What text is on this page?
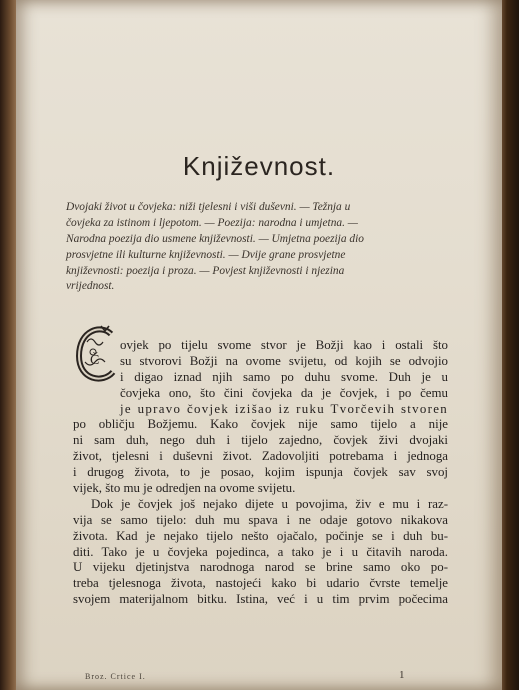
Književnost.
Dvojaki život u čovjeka: niži tjelesni i viši duševni. — Težnja u
čovjeka za istinom i ljepotom. — Poezija: narodna i umjetna. —
Narodna poezija dio usmene književnosti. — Umjetna poezija dio
prosvjetne ili kulturne književnosti. — Dvije grane prosvjetne
književnosti: poezija i proza. — Povjest književnosti i njezina
vrijednost.
Č
ovjek po tijelu svome stvor je Božji kao i ostali što
su stvorovi Božji na ovome svijetu, od kojih se odvojio
i digao iznad njih samo po duhu svome. Duh je u
čovjeka ono, što čini čovjeka da je čovjek, i po čemu
je upravo čovjek izišao iz ruku Tvorčevih stvoren
po obličju Božjemu. Kako čovjek nije samo tijelo a nije
ni sam duh, nego duh i tijelo zajedno, čovjek živi dvojaki
život, tjelesni i duševni život. Zadovoljiti potrebama i jednoga
i drugog života, to je posao, kojim ispunja čovjek sav svoj
vijek, što mu je odredjen na ovome svijetu.
Dok je čovjek još nejako dijete u povojima, živ e mu i raz-
vija se samo tijelo: duh mu spava i ne odaje gotovo nikakova
života. Kad je nejako tijelo nešto ojačalo, počinje se i duh bu-
diti. Tako je u čovjeka pojedinca, a tako je i u čitavih naroda.
U vijeku djetinjstva narodnoga narod se brine samo oko po-
treba tjelesnoga života, nastojeći kako bi udario čvrste temelje
svojem materijalnom bitku. Istina, već i u tim prvim počecima
Broz. Crtice I.	1
